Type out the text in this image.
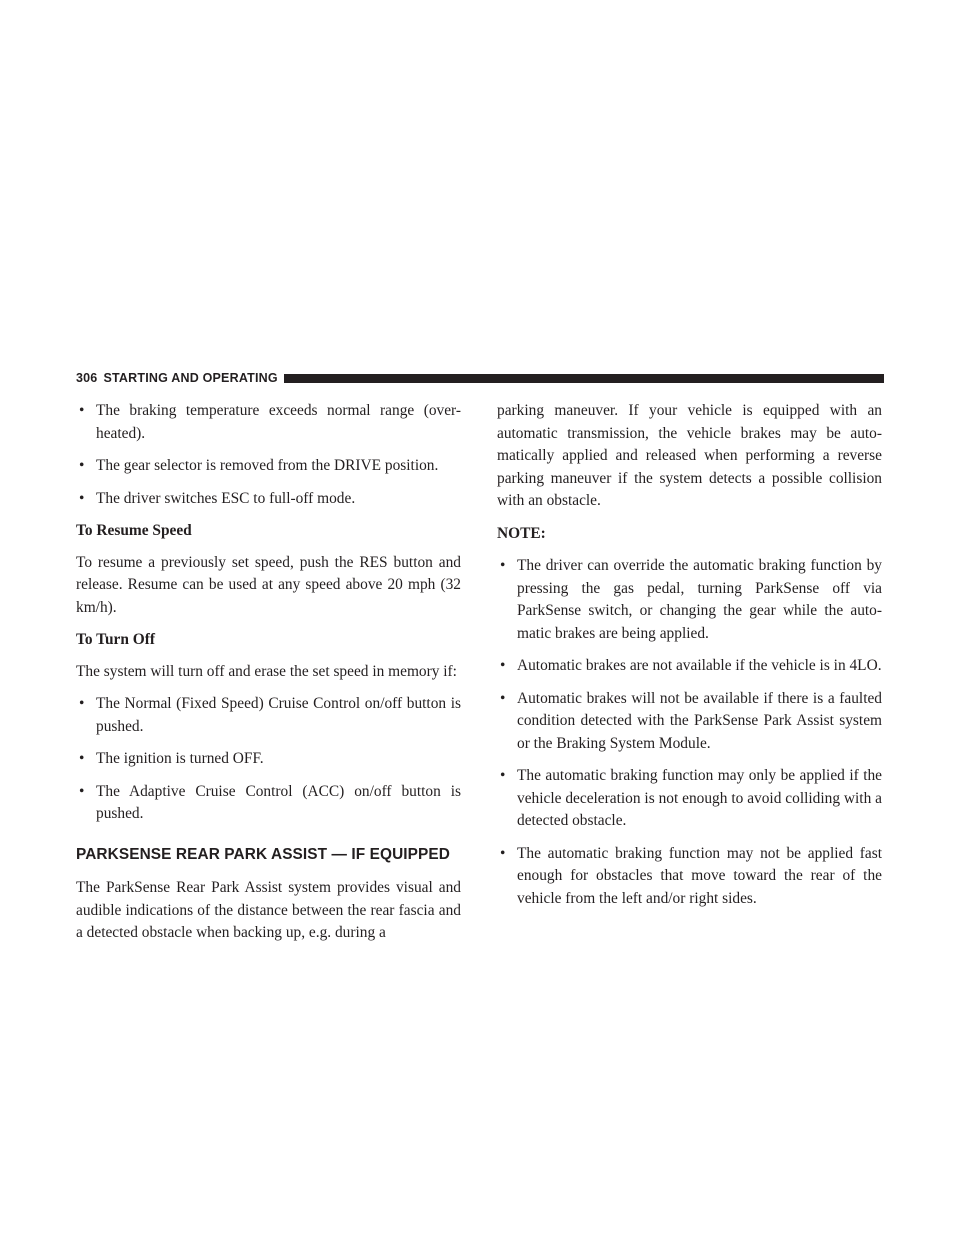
306 STARTING AND OPERATING
• The braking temperature exceeds normal range (over-heated).
• The gear selector is removed from the DRIVE position.
• The driver switches ESC to full-off mode.
To Resume Speed

To resume a previously set speed, push the RES button and release. Resume can be used at any speed above 20 mph (32 km/h).

To Turn Off

The system will turn off and erase the set speed in memory if:

• The Normal (Fixed Speed) Cruise Control on/off button is pushed.
• The ignition is turned OFF.
• The Adaptive Cruise Control (ACC) on/off button is pushed.
PARKSENSE REAR PARK ASSIST — IF EQUIPPED

The ParkSense Rear Park Assist system provides visual and audible indications of the distance between the rear fascia and a detected obstacle when backing up, e.g. during a

parking maneuver. If your vehicle is equipped with an automatic transmission, the vehicle brakes may be auto-matically applied and released when performing a reverse parking maneuver if the system detects a possible collision with an obstacle.

NOTE:
• The driver can override the automatic braking function by pressing the gas pedal, turning ParkSense off via ParkSense switch, or changing the gear while the auto-matic brakes are being applied.
• Automatic brakes are not available if the vehicle is in 4LO.
• Automatic brakes will not be available if there is a faulted condition detected with the ParkSense Park Assist system or the Braking System Module.
• The automatic braking function may only be applied if the vehicle deceleration is not enough to avoid colliding with a detected obstacle.
• The automatic braking function may not be applied fast enough for obstacles that move toward the rear of the vehicle from the left and/or right sides.
